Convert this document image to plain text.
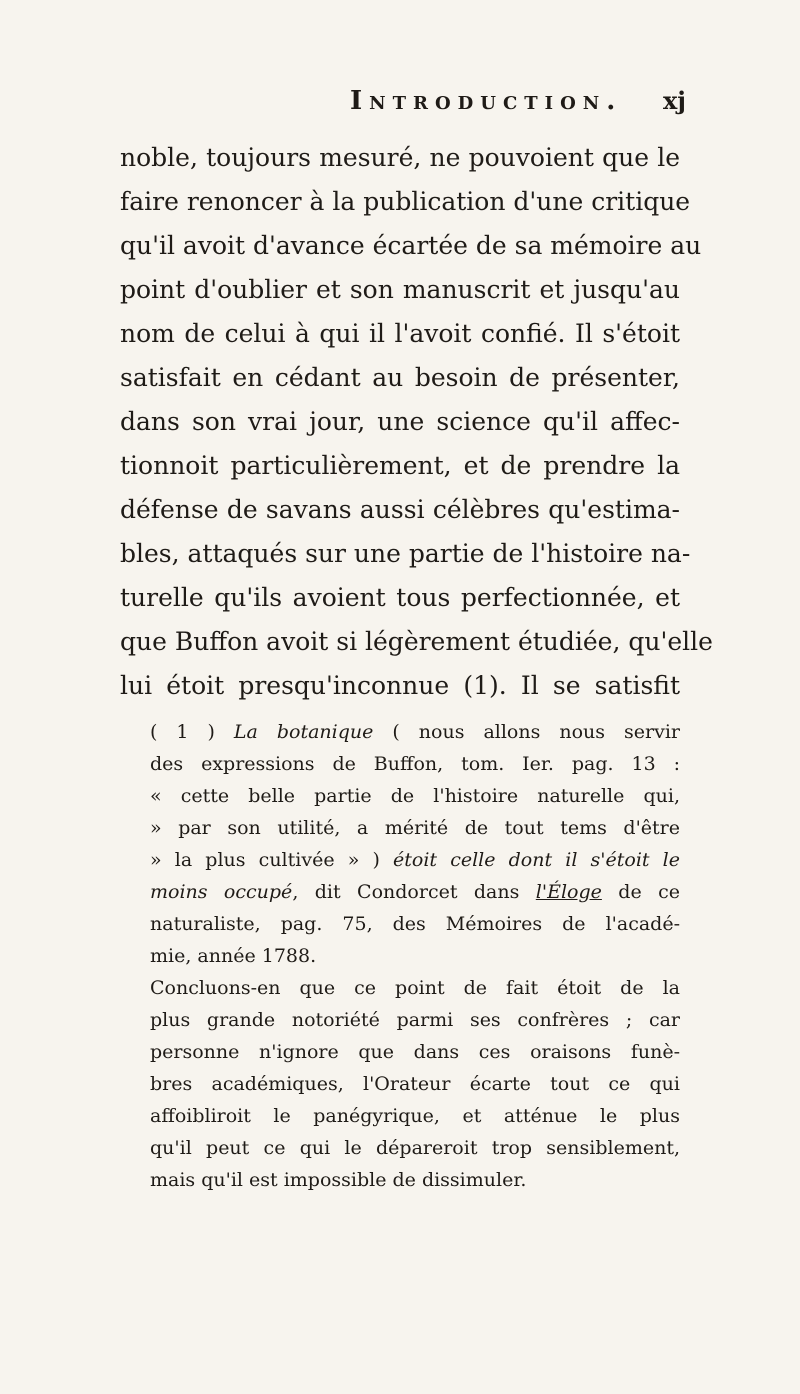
Introduction. xj
noble, toujours mesuré, ne pouvoient que le
faire renoncer à la publication d'une critique
qu'il avoit d'avance écartée de sa mémoire au
point d'oublier et son manuscrit et jusqu'au
nom de celui à qui il l'avoit confié. Il s'étoit
satisfait en cédant au besoin de présenter,
dans son vrai jour, une science qu'il affec-
tionnoit particulièrement, et de prendre la
défense de savans aussi célèbres qu'estima-
bles, attaqués sur une partie de l'histoire na-
turelle qu'ils avoient tous perfectionnée, et
que Buffon avoit si légèrement étudiée, qu'elle
lui étoit presqu'inconnue (1). Il se satisfit
( 1 ) La botanique ( nous allons nous servir
des expressions de Buffon, tom. Ier. pag. 13 :
« cette belle partie de l'histoire naturelle qui,
» par son utilité, a mérité de tout tems d'être
» la plus cultivée » ) étoit celle dont il s'étoit le
moins occupé, dit Condorcet dans l'Éloge de ce
naturaliste, pag. 75, des Mémoires de l'acadé-
mie, année 1788.
Concluons-en que ce point de fait étoit de la
plus grande notoriété parmi ses confrères ; car
personne n'ignore que dans ces oraisons funè-
bres académiques, l'Orateur écarte tout ce qui
affoibliroit le panégyrique, et atténue le plus
qu'il peut ce qui le dépareroit trop sensiblement,
mais qu'il est impossible de dissimuler.
